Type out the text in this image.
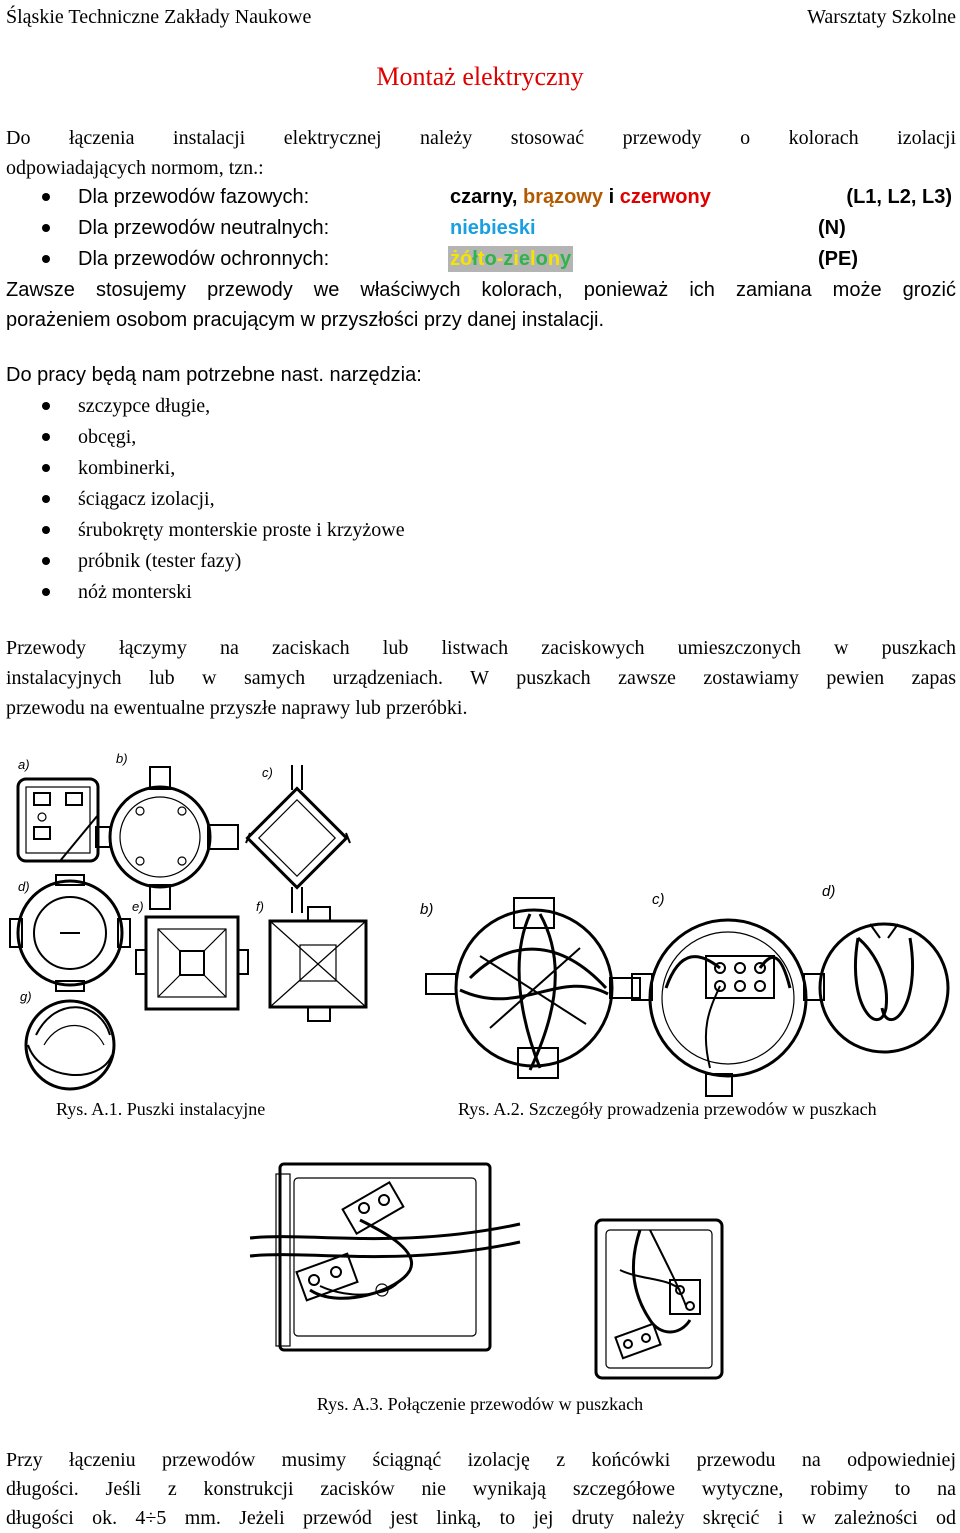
Śląskie Techniczne Zakłady Naukowe	Warsztaty Szkolne
Montaż elektryczny
Do łączenia instalacji elektrycznej należy stosować przewody o kolorach izolacji
odpowiadających normom, tzn.:
Dla przewodów fazowych:	czarny, brązowy i czerwony	(L1, L2, L3)
Dla przewodów neutralnych:	niebieski	(N)
Dla przewodów ochronnych:	żółto-zielony	(PE)
Zawsze stosujemy przewody we właściwych kolorach, ponieważ ich zamiana może grozić
porażeniem osobom pracującym w przyszłości przy danej instalacji.
Do pracy będą nam potrzebne nast. narzędzia:
szczypce długie,
obcęgi,
kombinerki,
ściągacz izolacji,
śrubokręty monterskie proste i krzyżowe
próbnik (tester fazy)
nóż monterski
Przewody łączymy na zaciskach lub listwach zaciskowych umieszczonych w puszkach
instalacyjnych lub w samych urządzeniach. W puszkach zawsze zostawiamy pewien zapas
przewodu na ewentualne przyszłe naprawy lub przeróbki.
a)	b)
c)
d)
e)	f)
g)
b)
c)	d)
Rys. A.1. Puszki instalacyjne	Rys. A.2. Szczegóły prowadzenia przewodów w puszkach
Rys. A.3. Połączenie przewodów w puszkach
Przy łączeniu przewodów musimy ściągnąć izolację z końcówki przewodu na odpowiedniej
długości. Jeśli z konstrukcji zacisków nie wynikają szczegółowe wytyczne, robimy to na
długości ok. 4÷5 mm. Jeżeli przewód jest linką, to jej druty należy skręcić i w zależności od
